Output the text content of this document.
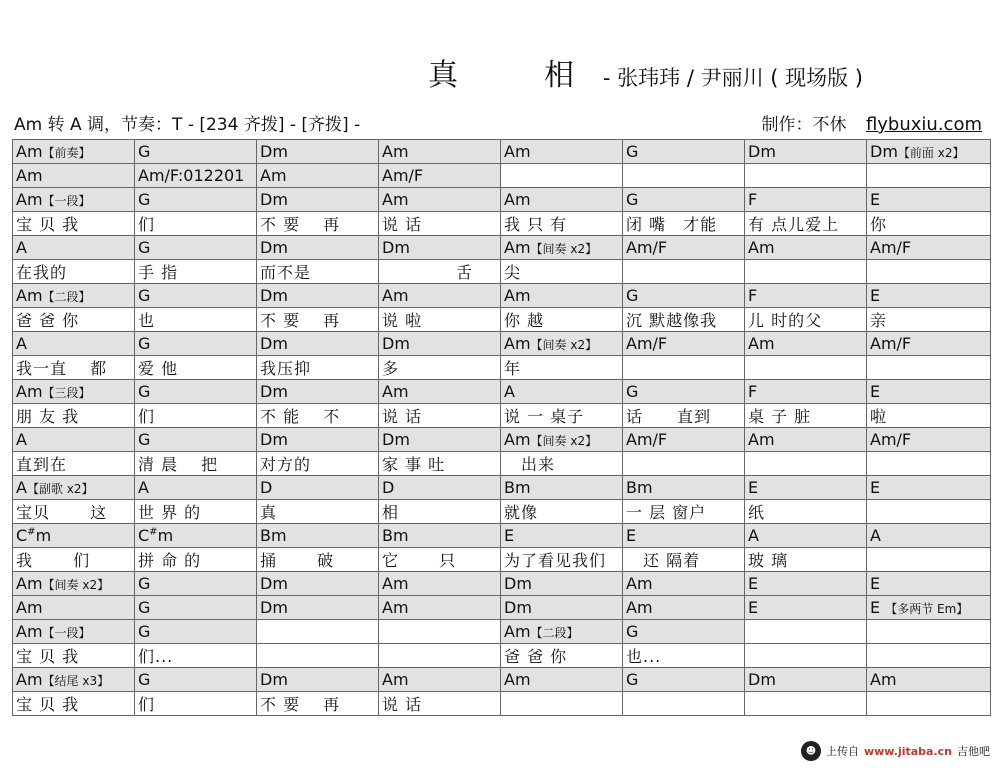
真　相 - 张玮玮 / 尹丽川 ( 现场版 )
Am 转 A 调，节奏：T - [234 齐拨] - [齐拨] -	制作：不休 flybuxiu.com
Am【前奏】	G	Dm	Am	Am	G	Dm	Dm【前面 x2】
Am	Am/F:012201	Am	Am/F				
Am【一段】	G	Dm	Am	Am	G	F	E
宝 贝 我	们	不 要　 再	说 话	我 只 有	闭 嘴　才能	有 点儿爱上	你
A	G	Dm	Dm	Am【间奏 x2】	Am/F	Am	Am/F
在我的	手 指	而不是	　　　　 舌	尖			
Am【二段】	G	Dm	Am	Am	G	F	E
爸 爸 你	也	不 要　 再	说 啦	你 越	沉 默越像我	儿 时的父	亲
A	G	Dm	Dm	Am【间奏 x2】	Am/F	Am	Am/F
我一直　 都	爱 他	我压抑	多	年			
Am【三段】	G	Dm	Am	A	G	F	E
朋 友 我	们	不 能　 不	说 话	说 一 桌子	话　　直到	桌 子 脏	啦
A	G	Dm	Dm	Am【间奏 x2】	Am/F	Am	Am/F
直到在	清 晨　 把	对方的	家 事 吐	　出来			
A【副歌 x2】	A	D	D	Bm	Bm	E	E
宝贝　　 这	世 界 的	真	相	就像	一 层 窗户	纸	
C#m	C#m	Bm	Bm	E	E	A	A
我　　 们	拼 命 的	捅　　 破	它　　 只	为了看见我们	　还 隔着	玻 璃	
Am【间奏 x2】	G	Dm	Am	Dm	Am	E	E
Am	G	Dm	Am	Dm	Am	E	E 【多两节 Em】
Am【一段】	G			Am【二段】	G		
宝 贝 我	们...			爸 爸 你	也...		
Am【结尾 x3】	G	Dm	Am	Am	G	Dm	Am
宝 贝 我	们	不 要　 再	说 话				
☻ 上传自 www.jitaba.cn 吉他吧
